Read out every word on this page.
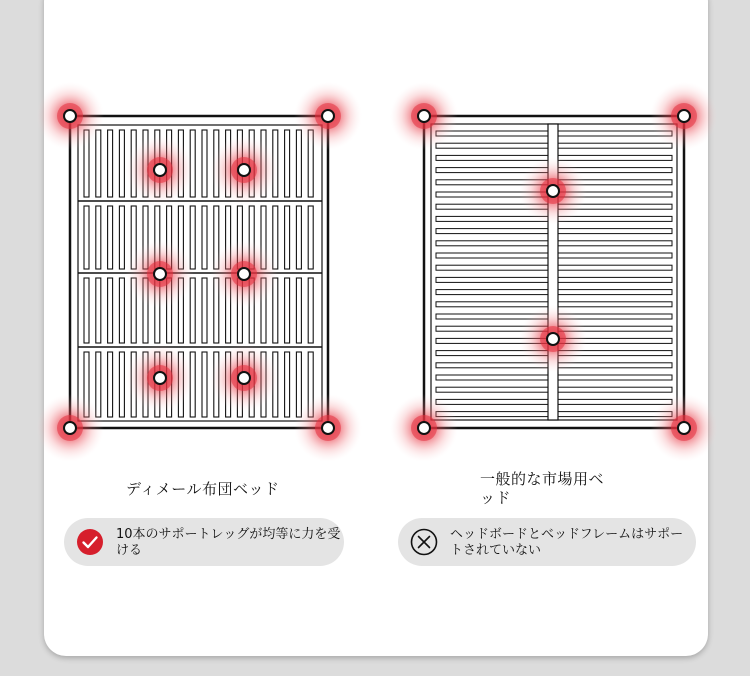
ディメール布団ベッド
一般的な市場用ベッド
10本のサポートレッグが均等に力を受ける
ヘッドボードとベッドフレームはサポートされていない
